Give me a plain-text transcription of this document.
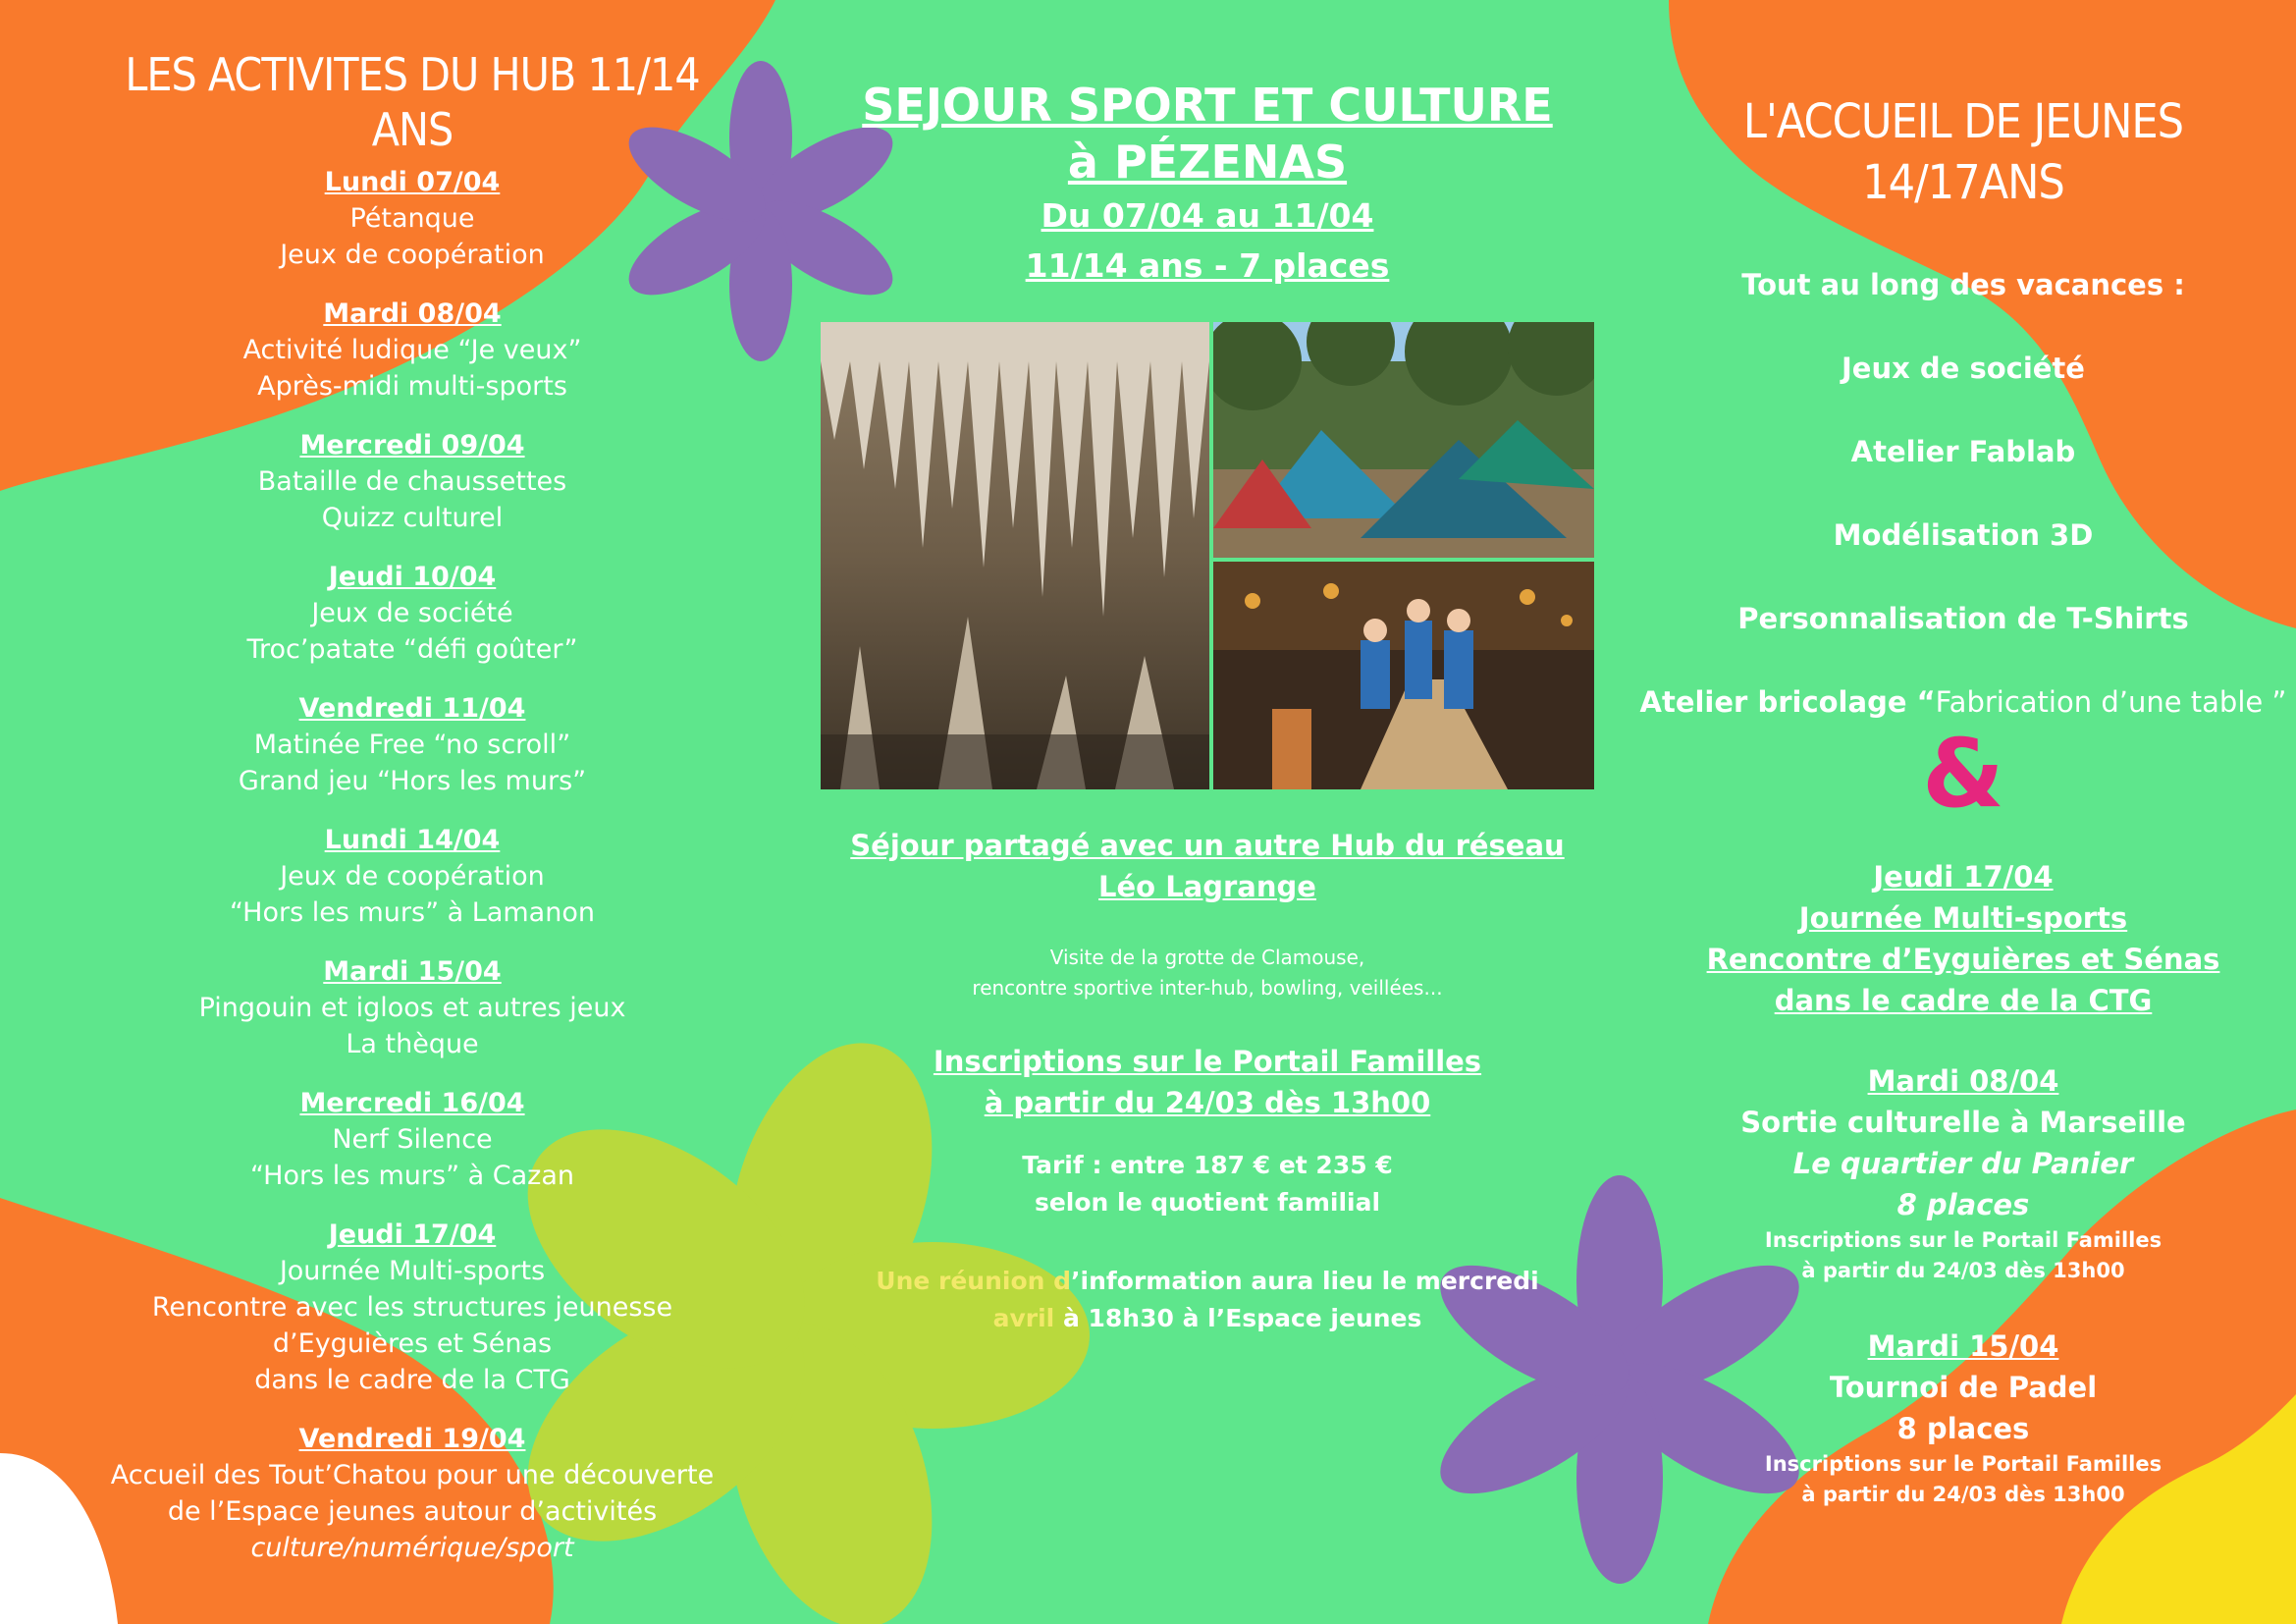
LES ACTIVITES DU HUB 11/14 ANS
Lundi 07/04
Pétanque
Jeux de coopération
Mardi 08/04
Activité ludique “Je veux”
Après-midi multi-sports
Mercredi 09/04
Bataille de chaussettes
Quizz culturel
Jeudi 10/04
Jeux de société
Troc’patate “défi goûter”
Vendredi 11/04
Matinée Free “no scroll”
Grand jeu “Hors les murs”
Lundi 14/04
Jeux de coopération
“Hors les murs” à Lamanon
Mardi 15/04
Pingouin et igloos et autres jeux
La thèque
Mercredi 16/04
Nerf Silence
“Hors les murs” à Cazan
Jeudi 17/04
Journée Multi-sports
Rencontre avec les structures jeunesse
d’Eyguières et Sénas
dans le cadre de la CTG
Vendredi 19/04
Accueil des Tout’Chatou pour une découverte
de l’Espace jeunes autour d’activités
culture/numérique/sport
SEJOUR SPORT ET CULTURE
à PÉZENAS
Du 07/04 au 11/04
11/14 ans - 7 places
Séjour partagé avec un autre Hub du réseau
Léo Lagrange
Visite de la grotte de Clamouse,
rencontre sportive inter-hub, bowling, veillées...
Inscriptions sur le Portail Familles
à partir du 24/03 dès 13h00
Tarif : entre 187 € et 235 €
selon le quotient familial
Une réunion d’information aura lieu le mercredi
avril à 18h30 à l’Espace jeunes
L'ACCUEIL DE JEUNES
14/17ANS
Tout au long des vacances :
Jeux de société
Atelier Fablab
Modélisation 3D
Personnalisation de T-Shirts
Atelier bricolage “Fabrication d’une table ”
&
Jeudi 17/04
Journée Multi-sports
Rencontre d’Eyguières et Sénas
dans le cadre de la CTG
Mardi 08/04
Sortie culturelle à Marseille
Le quartier du Panier
8 places
Inscriptions sur le Portail Familles
à partir du 24/03 dès 13h00
Mardi 15/04
Tournoi de Padel
8 places
Inscriptions sur le Portail Familles
à partir du 24/03 dès 13h00
